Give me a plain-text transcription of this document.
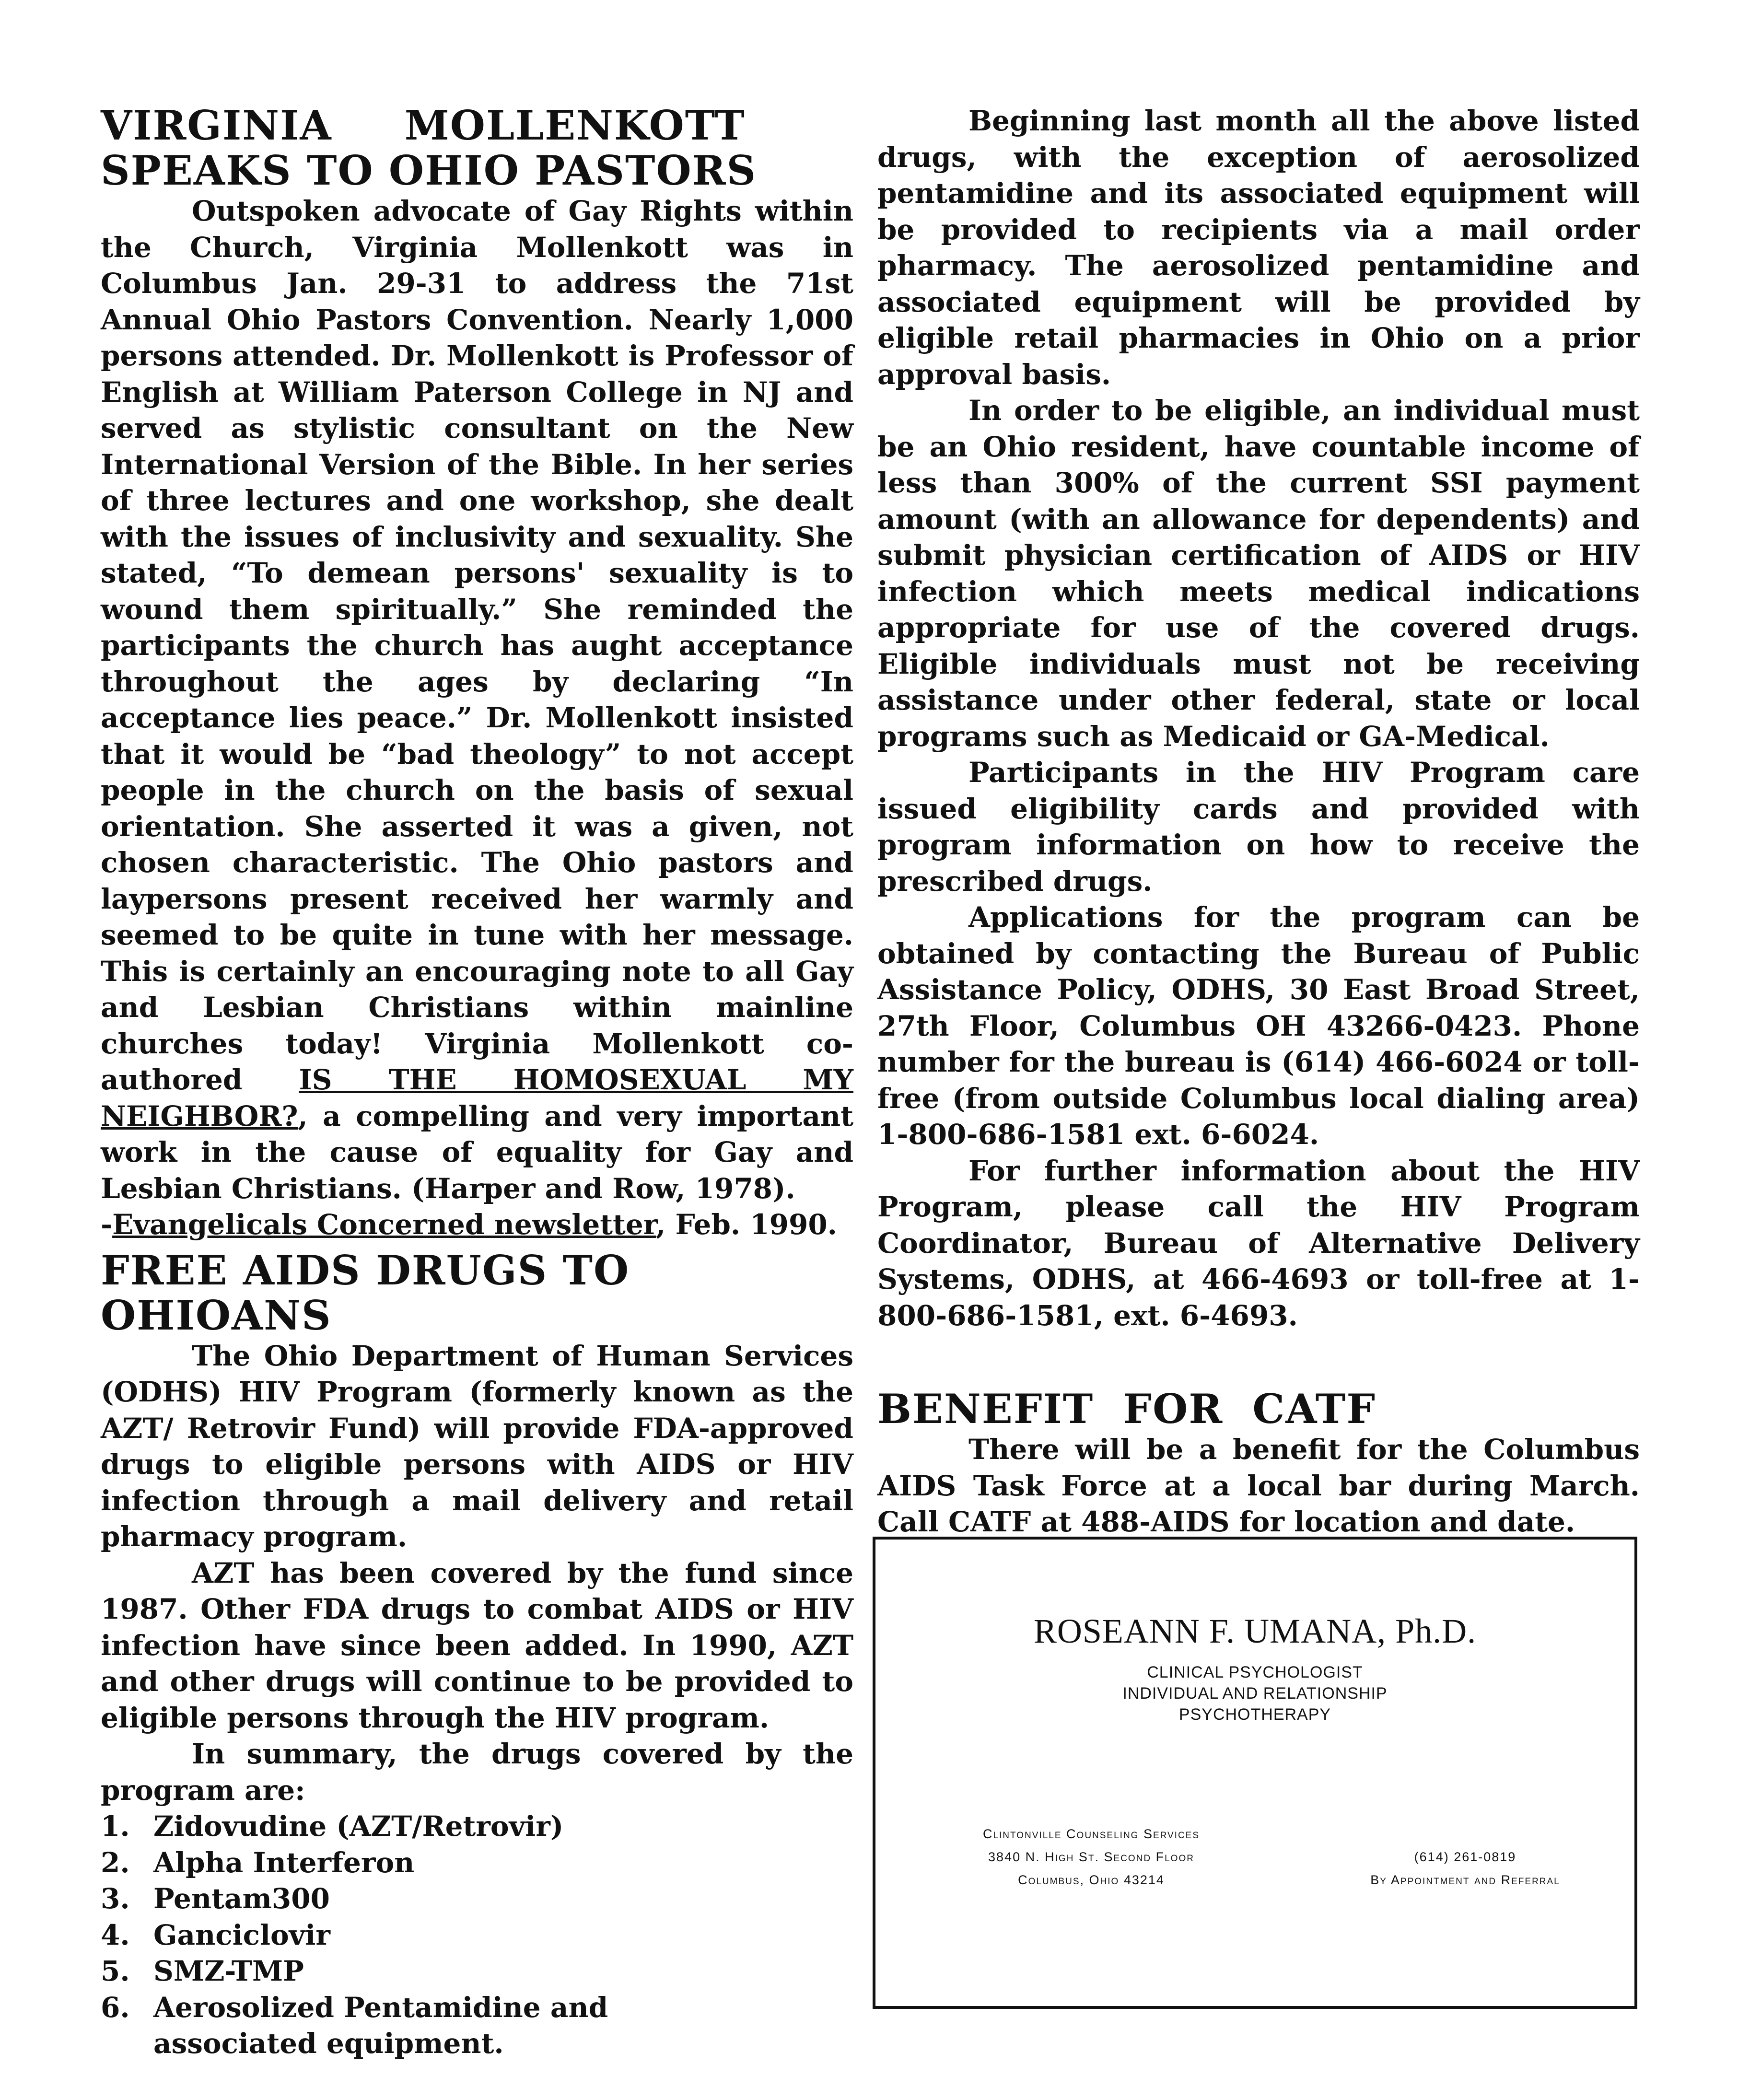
VIRGINIA MOLLENKOTT
SPEAKS TO OHIO PASTORS

Outspoken advocate of Gay Rights within the Church, Virginia Mollenkott was in Columbus Jan. 29-31 to address the 71st Annual Ohio Pastors Convention. Nearly 1,000 persons attended. Dr. Mollenkott is Professor of English at William Paterson College in NJ and served as stylistic consultant on the New International Version of the Bible. In her series of three lectures and one workshop, she dealt with the issues of inclusivity and sexuality. She stated, “To demean persons' sexuality is to wound them spiritually.” She reminded the participants the church has aught acceptance throughout the ages by declaring “In acceptance lies peace.” Dr. Mollenkott insisted that it would be “bad theology” to not accept people in the church on the basis of sexual orientation. She asserted it was a given, not chosen characteristic. The Ohio pastors and laypersons present received her warmly and seemed to be quite in tune with her message. This is certainly an encouraging note to all Gay and Lesbian Christians within mainline churches today! Virginia Mollenkott co-authored IS THE HOMOSEXUAL MY NEIGHBOR?, a compelling and very important work in the cause of equality for Gay and Lesbian Christians. (Harper and Row, 1978).

-Evangelicals Concerned newsletter, Feb. 1990.

FREE AIDS DRUGS TO OHIOANS

The Ohio Department of Human Services (ODHS) HIV Program (formerly known as the AZT/ Retrovir Fund) will provide FDA-approved drugs to eligible persons with AIDS or HIV infection through a mail delivery and retail pharmacy program.

AZT has been covered by the fund since 1987. Other FDA drugs to combat AIDS or HIV infection have since been added. In 1990, AZT and other drugs will continue to be provided to eligible persons through the HIV program.

In summary, the drugs covered by the program are:

1. Zidovudine (AZT/Retrovir)
2. Alpha Interferon
3. Pentam300
4. Ganciclovir
5. SMZ-TMP
6. Aerosolized Pentamidine and associated equipment.

Beginning last month all the above listed drugs, with the exception of aerosolized pentamidine and its associated equipment will be provided to recipients via a mail order pharmacy. The aerosolized pentamidine and associated equipment will be provided by eligible retail pharmacies in Ohio on a prior approval basis.

In order to be eligible, an individual must be an Ohio resident, have countable income of less than 300% of the current SSI payment amount (with an allowance for dependents) and submit physician certification of AIDS or HIV infection which meets medical indications appropriate for use of the covered drugs. Eligible individuals must not be receiving assistance under other federal, state or local programs such as Medicaid or GA-Medical.

Participants in the HIV Program care issued eligibility cards and provided with program information on how to receive the prescribed drugs.

Applications for the program can be obtained by contacting the Bureau of Public Assistance Policy, ODHS, 30 East Broad Street, 27th Floor, Columbus OH 43266-0423. Phone number for the bureau is (614) 466-6024 or toll-free (from outside Columbus local dialing area) 1-800-686-1581 ext. 6-6024.

For further information about the HIV Program, please call the HIV Program Coordinator, Bureau of Alternative Delivery Systems, ODHS, at 466-4693 or toll-free at 1-800-686-1581, ext. 6-4693.

BENEFIT FOR CATF

There will be a benefit for the Columbus AIDS Task Force at a local bar during March. Call CATF at 488-AIDS for location and date.

ROSEANN F. UMANA, Ph.D.
CLINICAL PSYCHOLOGIST
INDIVIDUAL AND RELATIONSHIP
PSYCHOTHERAPY
Clintonville Counseling Services
3840 N. High St. Second Floor
Columbus, Ohio 43214
(614) 261-0819
By Appointment and Referral
